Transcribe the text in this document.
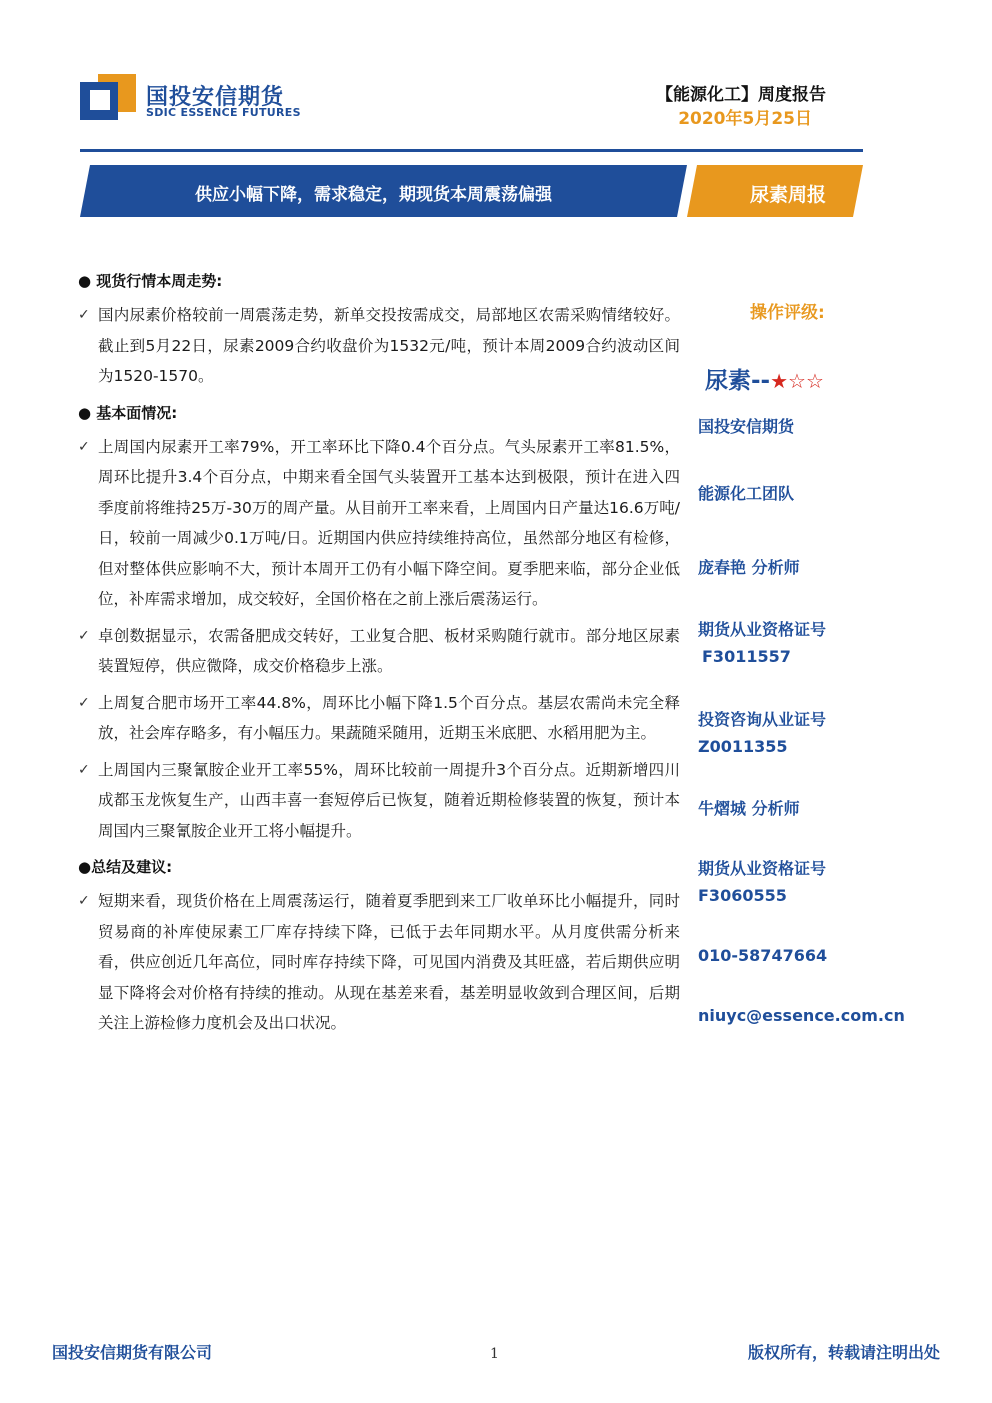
国投安信期货
SDIC ESSENCE FUTURES
【能源化工】周度报告
2020年5月25日
供应小幅下降，需求稳定，期现货本周震荡偏强	尿素周报
● 现货行情本周走势:
✓ 国内尿素价格较前一周震荡走势，新单交投按需成交，局部地区农需采购情绪较好。截止到5月22日，尿素2009合约收盘价为1532元/吨，预计本周2009合约波动区间为1520-1570。
● 基本面情况:
✓ 上周国内尿素开工率79%，开工率环比下降0.4个百分点。气头尿素开工率81.5%，周环比提升3.4个百分点，中期来看全国气头装置开工基本达到极限，预计在进入四季度前将维持25万-30万的周产量。从目前开工率来看，上周国内日产量达16.6万吨/日，较前一周减少0.1万吨/日。近期国内供应持续维持高位，虽然部分地区有检修，但对整体供应影响不大，预计本周开工仍有小幅下降空间。夏季肥来临，部分企业低位，补库需求增加，成交较好，全国价格在之前上涨后震荡运行。
✓ 卓创数据显示，农需备肥成交转好，工业复合肥、板材采购随行就市。部分地区尿素装置短停，供应微降，成交价格稳步上涨。
✓ 上周复合肥市场开工率44.8%，周环比小幅下降1.5个百分点。基层农需尚未完全释放，社会库存略多，有小幅压力。果蔬随采随用，近期玉米底肥、水稻用肥为主。
✓ 上周国内三聚氰胺企业开工率55%，周环比较前一周提升3个百分点。近期新增四川成都玉龙恢复生产，山西丰喜一套短停后已恢复，随着近期检修装置的恢复，预计本周国内三聚氰胺企业开工将小幅提升。
●总结及建议:
✓ 短期来看，现货价格在上周震荡运行，随着夏季肥到来工厂收单环比小幅提升，同时贸易商的补库使尿素工厂库存持续下降，已低于去年同期水平。从月度供需分析来看，供应创近几年高位，同时库存持续下降，可见国内消费及其旺盛，若后期供应明显下降将会对价格有持续的推动。从现在基差来看，基差明显收敛到合理区间，后期关注上游检修力度机会及出口状况。
操作评级:
尿素--★☆☆
国投安信期货
能源化工团队
庞春艳 分析师
期货从业资格证号
F3011557
投资咨询从业证号
Z0011355
牛熠城 分析师
期货从业资格证号
F3060555
010-58747664
niuyc@essence.com.cn
国投安信期货有限公司	1	版权所有，转载请注明出处
